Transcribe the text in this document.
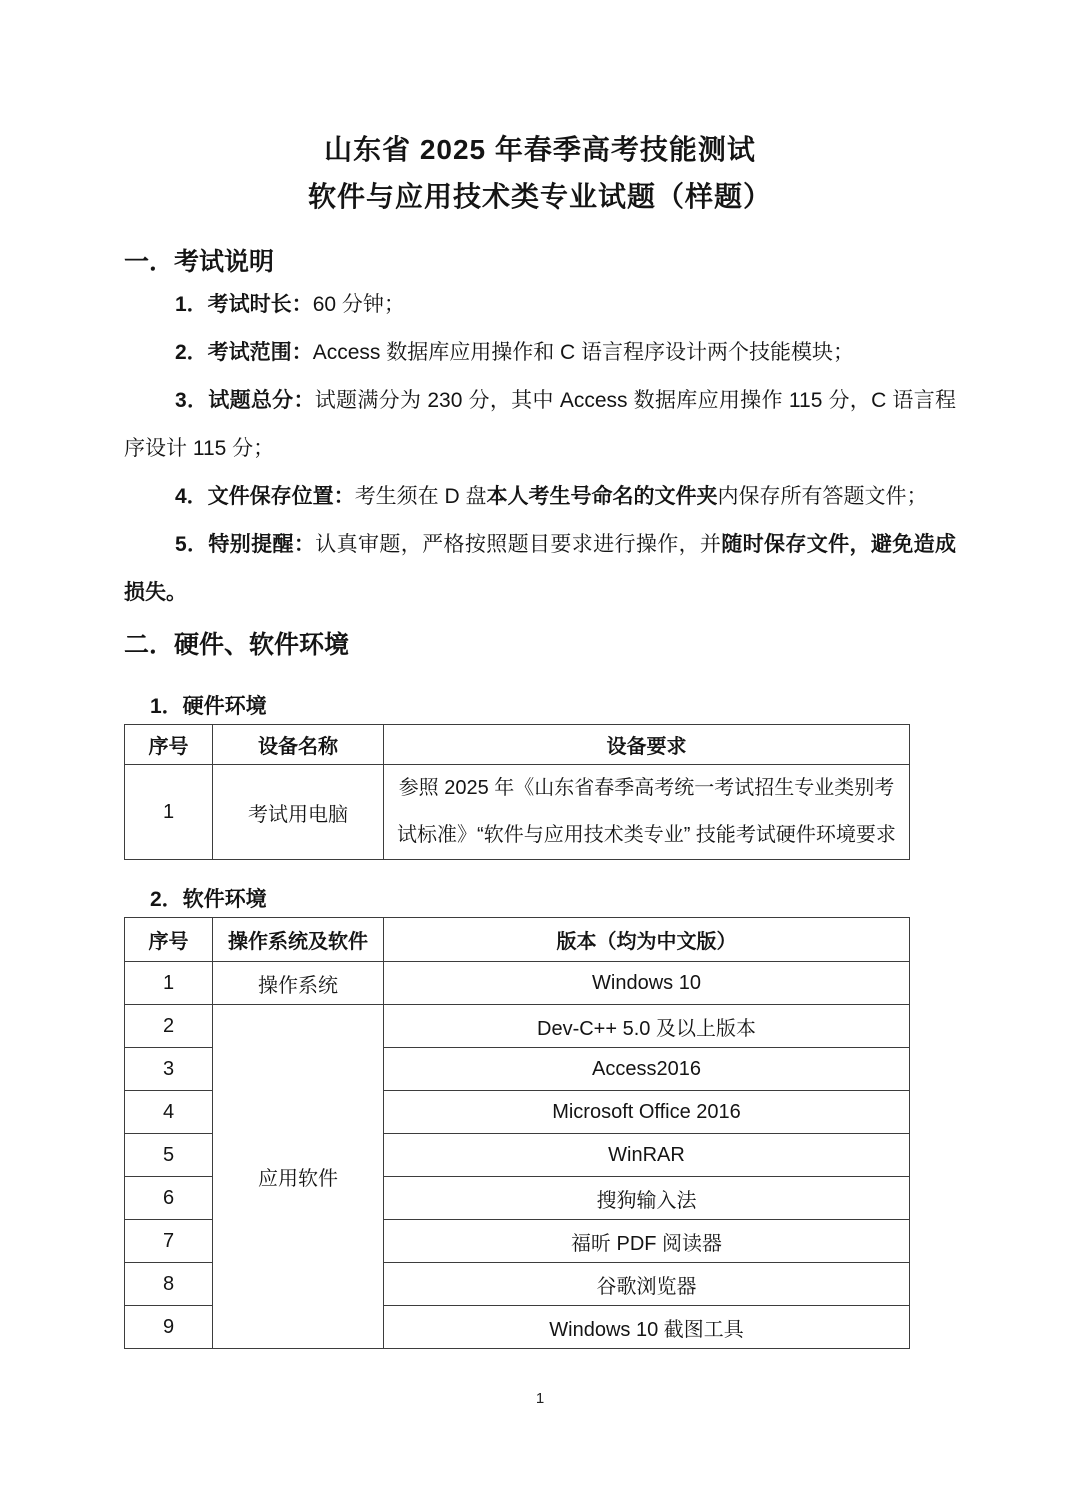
山东省 2025 年春季高考技能测试
软件与应用技术类专业试题（样题）
一．考试说明

1．考试时长：60 分钟；

2．考试范围：Access 数据库应用操作和 C 语言程序设计两个技能模块；

3．试题总分：试题满分为 230 分，其中 Access 数据库应用操作 115 分，C 语言程序设计 115 分；

4．文件保存位置：考生须在 D 盘本人考生号命名的文件夹内保存所有答题文件；

5．特别提醒：认真审题，严格按照题目要求进行操作，并随时保存文件，避免造成损失。

二．硬件、软件环境
1．硬件环境
序号	设备名称	设备要求
1	考试用电脑	参照 2025 年《山东省春季高考统一考试招生专业类别考试标准》“软件与应用技术类专业” 技能考试硬件环境要求
2．软件环境
序号	操作系统及软件	版本（均为中文版）
1	操作系统	Windows 10
2	应用软件	Dev-C++ 5.0 及以上版本
3		Access2016
4		Microsoft Office 2016
5		WinRAR
6		搜狗输入法
7		福昕 PDF 阅读器
8		谷歌浏览器
9		Windows 10 截图工具
1
